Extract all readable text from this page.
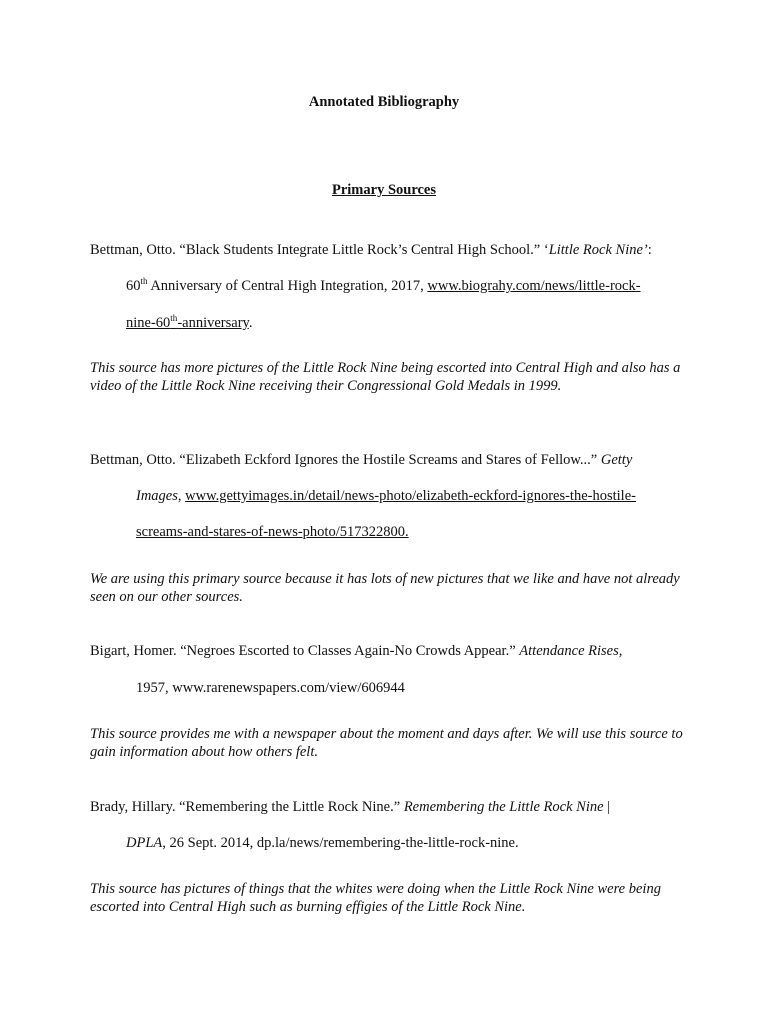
Annotated Bibliography
Primary Sources
Bettman, Otto. “Black Students Integrate Little Rock’s Central High School.” ‘Little Rock Nine’:
60th Anniversary of Central High Integration, 2017, www.biograhy.com/news/little-rock-
nine-60th-anniversary.
This source has more pictures of the Little Rock Nine being escorted into Central High and also has a video of the Little Rock Nine receiving their Congressional Gold Medals in 1999.
Bettman, Otto. “Elizabeth Eckford Ignores the Hostile Screams and Stares of Fellow...” Getty
Images, www.gettyimages.in/detail/news-photo/elizabeth-eckford-ignores-the-hostile-
screams-and-stares-of-news-photo/517322800.
We are using this primary source because it has lots of new pictures that we like and have not already seen on our other sources.
Bigart, Homer. “Negroes Escorted to Classes Again-No Crowds Appear.” Attendance Rises,
1957, www.rarenewspapers.com/view/606944
This source provides me with a newspaper about the moment and days after. We will use this source to gain information about how others felt.
Brady, Hillary. “Remembering the Little Rock Nine.” Remembering the Little Rock Nine |
DPLA, 26 Sept. 2014, dp.la/news/remembering-the-little-rock-nine.
This source has pictures of things that the whites were doing when the Little Rock Nine were being escorted into Central High such as burning effigies of the Little Rock Nine.
